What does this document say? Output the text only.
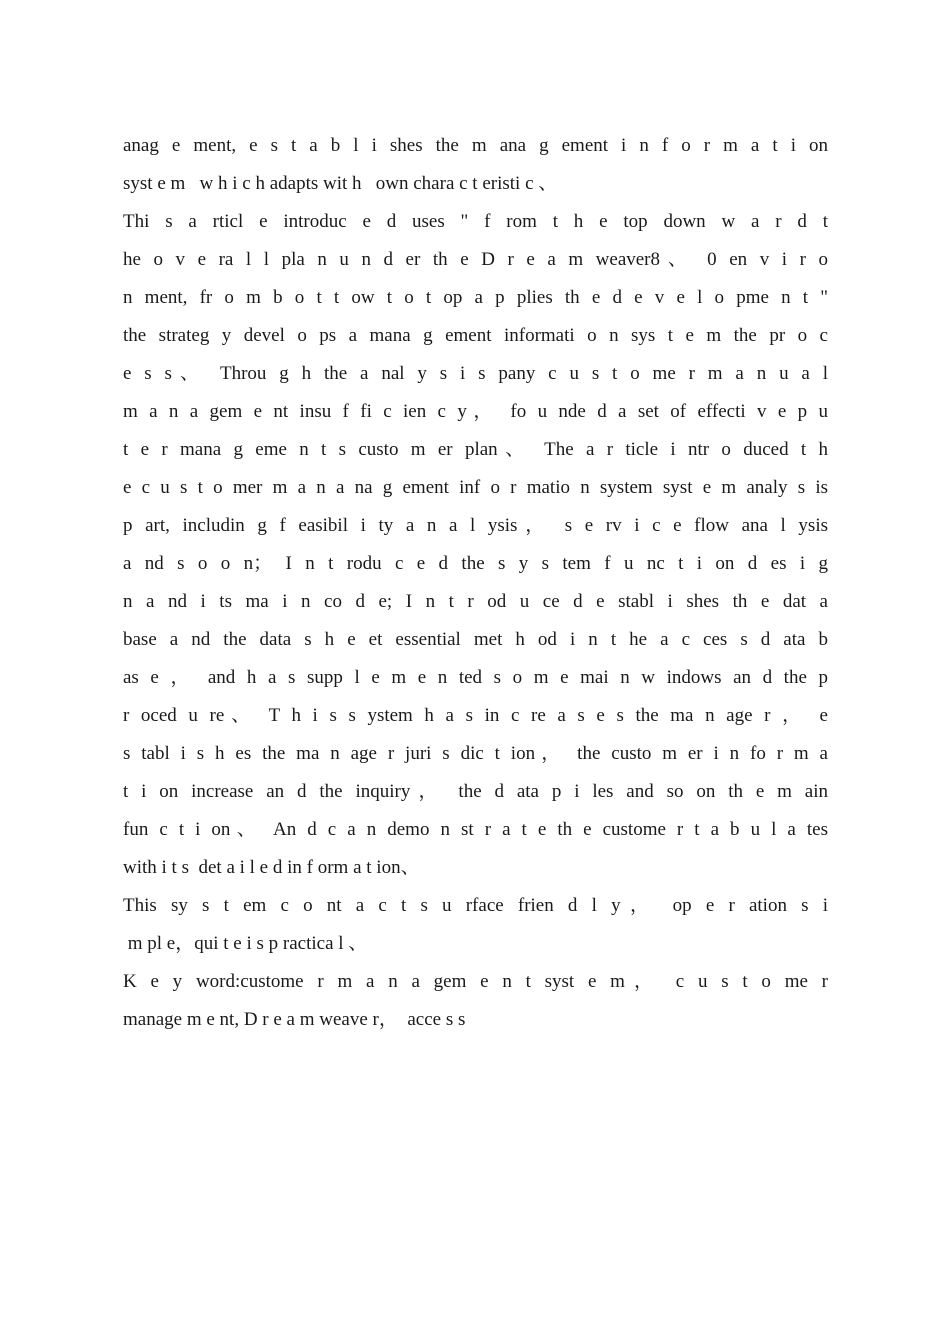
anag e ment, e s t a b l i shes the m ana g ement i n f o r m a t i on
syst e m   w h i c h adapts wit h   own chara c t eristi c 、
Thi s a rticl e introduc e d uses " f rom t h e top down w a r d t
he o v e ra l l pla n u n d er th e D r e a m weaver8、 0 en v i r o
n ment, fr o m b o t t ow t o t op a p plies th e d e v e l o pme n t "
the strateg y devel o ps a mana g ement informati o n sys t e m the pr o c
e s s、 Throu g h the a nal y s i s pany c u s t o me r m a n u a l
m a n a gem e nt insu f fi c ien c y， fo u nde d a set of effecti v e p u
t e r mana g eme n t s custo m er plan、 The a r ticle i ntr o duced t h
e c u s t o mer m a n a na g ement inf o r matio n system syst e m analy s is
p art, includin g f easibil i ty a n a l ysis， s e rv i c e flow ana l ysis
a nd s o o n； I n t rodu c e d the s y s tem f u nc t i on d es i g
n a nd i ts ma i n co d e; I n t r od u ce d e stabl i shes th e dat a
base a nd the data s h e et essential met h od i n t he a c ces s d ata b
as e ， and h a s supp l e m e n ted s o m e mai n w indows an d the p
r oced u re、 T h i s s ystem h a s in c re a s e s the ma n age r ， e
s tabl i s h es the ma n age r juri s dic t ion， the custo m er i n fo r m a
t i on increase an d the inquiry， the d ata p i les and so on th e m ain
fun c t i on、 An d c a n demo n st r a t e th e custome r t a b u l a tes
with i t s  det a i l e d in f orm a t ion、
This sy s t em c o nt a c t s u rface frien d l y， op e r ation s i
m pl e，qui t e i s p ractica l 、
K e y word:custome r m a n a gem e n t syst e m， c u s t o me r
manage m e nt, D r e a m weave r，  acce s s
